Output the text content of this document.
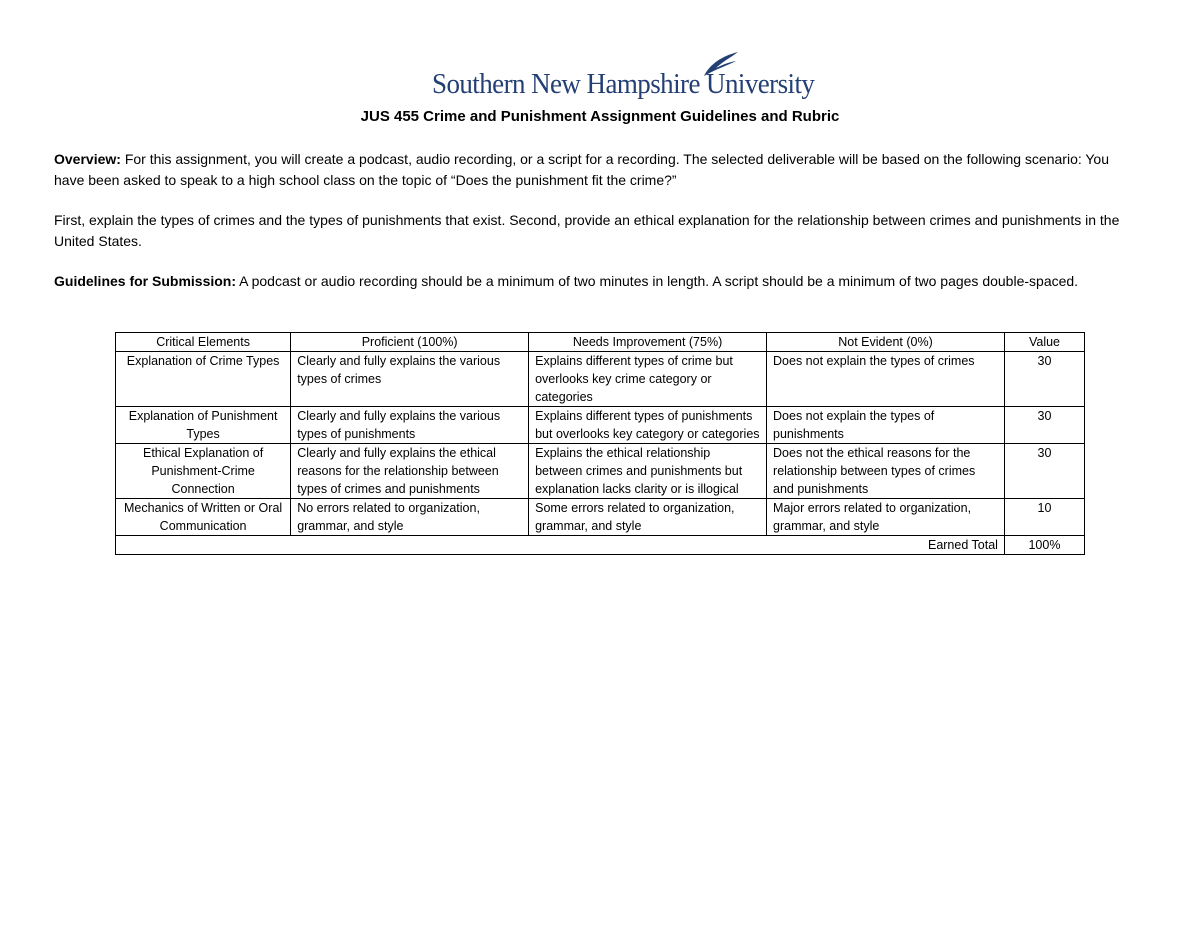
Southern New Hampshire University
JUS 455 Crime and Punishment Assignment Guidelines and Rubric
Overview: For this assignment, you will create a podcast, audio recording, or a script for a recording. The selected deliverable will be based on the following scenario: You have been asked to speak to a high school class on the topic of “Does the punishment fit the crime?”
First, explain the types of crimes and the types of punishments that exist. Second, provide an ethical explanation for the relationship between crimes and punishments in the United States.
Guidelines for Submission: A podcast or audio recording should be a minimum of two minutes in length. A script should be a minimum of two pages double-spaced.
Critical Elements	Proficient (100%)	Needs Improvement (75%)	Not Evident (0%)	Value
Explanation of Crime Types	Clearly and fully explains the various types of crimes	Explains different types of crime but overlooks key crime category or categories	Does not explain the types of crimes	30
Explanation of Punishment Types	Clearly and fully explains the various types of punishments	Explains different types of punishments but overlooks key category or categories	Does not explain the types of punishments	30
Ethical Explanation of Punishment-Crime Connection	Clearly and fully explains the ethical reasons for the relationship between types of crimes and punishments	Explains the ethical relationship between crimes and punishments but explanation lacks clarity or is illogical	Does not the ethical reasons for the relationship between types of crimes and punishments	30
Mechanics of Written or Oral Communication	No errors related to organization, grammar, and style	Some errors related to organization, grammar, and style	Major errors related to organization, grammar, and style	10
Earned Total				100%
